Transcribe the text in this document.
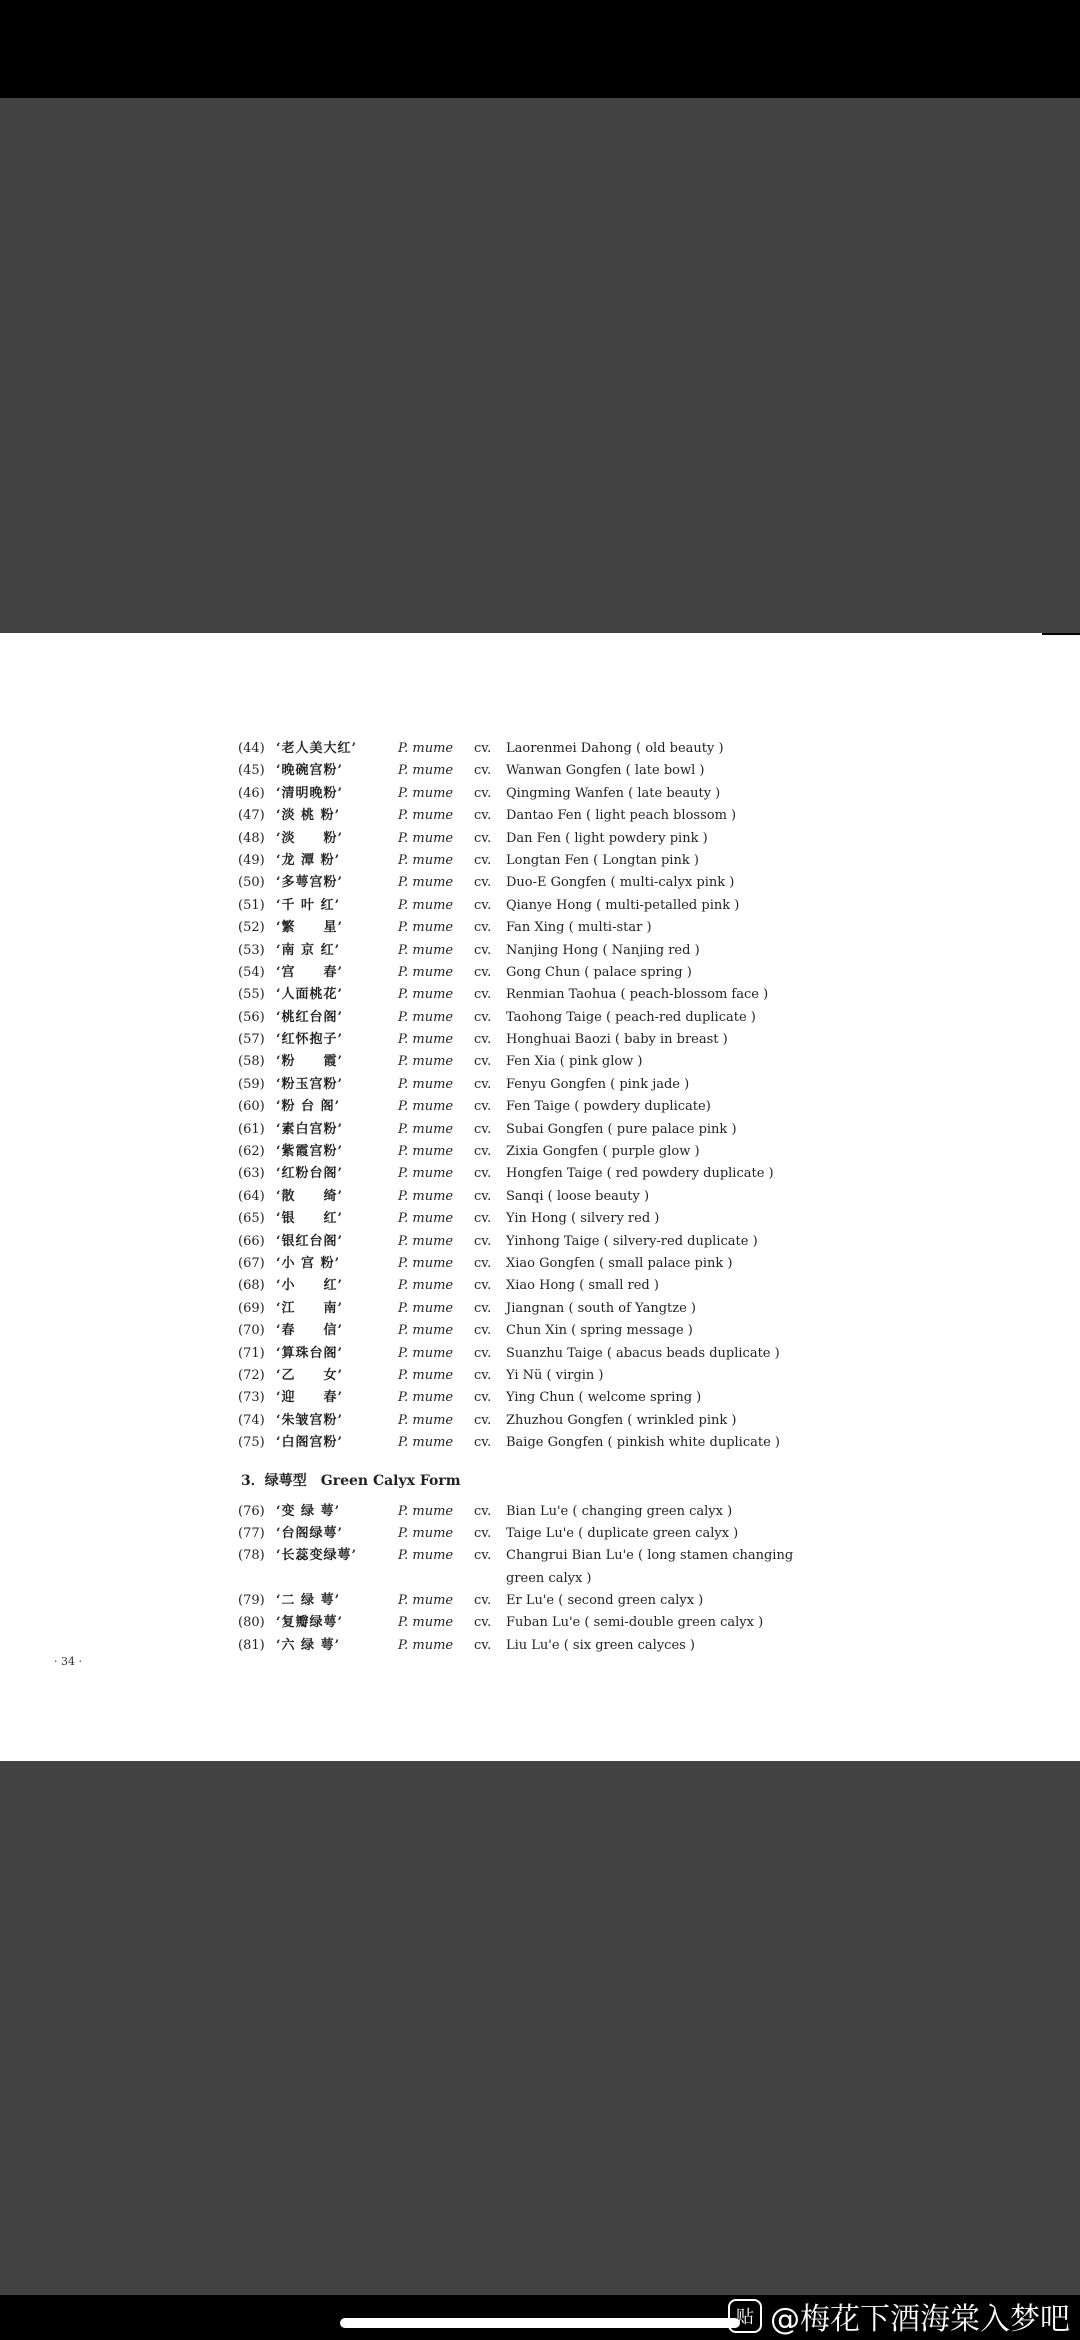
(44) ‘老人美大红’	P. mume	cv.	Laorenmei Dahong ( old beauty )
(45) ‘晚碗宫粉’	P. mume	cv.	Wanwan Gongfen ( late bowl )
(46) ‘清明晚粉’	P. mume	cv.	Qingming Wanfen ( late beauty )
(47) ‘淡 桃 粉’	P. mume	cv.	Dantao Fen ( light peach blossom )
(48) ‘淡　　粉’	P. mume	cv.	Dan Fen ( light powdery pink )
(49) ‘龙 潭 粉’	P. mume	cv.	Longtan Fen ( Longtan pink )
(50) ‘多萼宫粉’	P. mume	cv.	Duo-E Gongfen ( multi-calyx pink )
(51) ‘千 叶 红’	P. mume	cv.	Qianye Hong ( multi-petalled pink )
(52) ‘繁　　星’	P. mume	cv.	Fan Xing ( multi-star )
(53) ‘南 京 红’	P. mume	cv.	Nanjing Hong ( Nanjing red )
(54) ‘宫　　春’	P. mume	cv.	Gong Chun ( palace spring )
(55) ‘人面桃花’	P. mume	cv.	Renmian Taohua ( peach-blossom face )
(56) ‘桃红台阁’	P. mume	cv.	Taohong Taige ( peach-red duplicate )
(57) ‘红怀抱子’	P. mume	cv.	Honghuai Baozi ( baby in breast )
(58) ‘粉　　霞’	P. mume	cv.	Fen Xia ( pink glow )
(59) ‘粉玉宫粉’	P. mume	cv.	Fenyu Gongfen ( pink jade )
(60) ‘粉 台 阁’	P. mume	cv.	Fen Taige ( powdery duplicate)
(61) ‘素白宫粉’	P. mume	cv.	Subai Gongfen ( pure palace pink )
(62) ‘紫霞宫粉’	P. mume	cv.	Zixia Gongfen ( purple glow )
(63) ‘红粉台阁’	P. mume	cv.	Hongfen Taige ( red powdery duplicate )
(64) ‘散　　绮’	P. mume	cv.	Sanqi ( loose beauty )
(65) ‘银　　红’	P. mume	cv.	Yin Hong ( silvery red )
(66) ‘银红台阁’	P. mume	cv.	Yinhong Taige ( silvery-red duplicate )
(67) ‘小 宫 粉’	P. mume	cv.	Xiao Gongfen ( small palace pink )
(68) ‘小　　红’	P. mume	cv.	Xiao Hong ( small red )
(69) ‘江　　南’	P. mume	cv.	Jiangnan ( south of Yangtze )
(70) ‘春　　信’	P. mume	cv.	Chun Xin ( spring message )
(71) ‘算珠台阁’	P. mume	cv.	Suanzhu Taige ( abacus beads duplicate )
(72) ‘乙　　女’	P. mume	cv.	Yi Nü ( virgin )
(73) ‘迎　　春’	P. mume	cv.	Ying Chun ( welcome spring )
(74) ‘朱皱宫粉’	P. mume	cv.	Zhuzhou Gongfen ( wrinkled pink )
(75) ‘白阁宫粉’	P. mume	cv.	Baige Gongfen ( pinkish white duplicate )
3．绿萼型　Green Calyx Form
(76) ‘变 绿 萼’	P. mume	cv.	Bian Lu'e ( changing green calyx )
(77) ‘台阁绿萼’	P. mume	cv.	Taige Lu'e ( duplicate green calyx )
(78) ‘长蕊变绿萼’	P. mume	cv.	Changrui Bian Lu'e ( long stamen changing
green calyx )
(79) ‘二 绿 萼’	P. mume	cv.	Er Lu'e ( second green calyx )
(80) ‘复瓣绿萼’	P. mume	cv.	Fuban Lu'e ( semi-double green calyx )
(81) ‘六 绿 萼’	P. mume	cv.	Liu Lu'e ( six green calyces )
· 34 ·
贴 @梅花下酒海棠入梦吧
